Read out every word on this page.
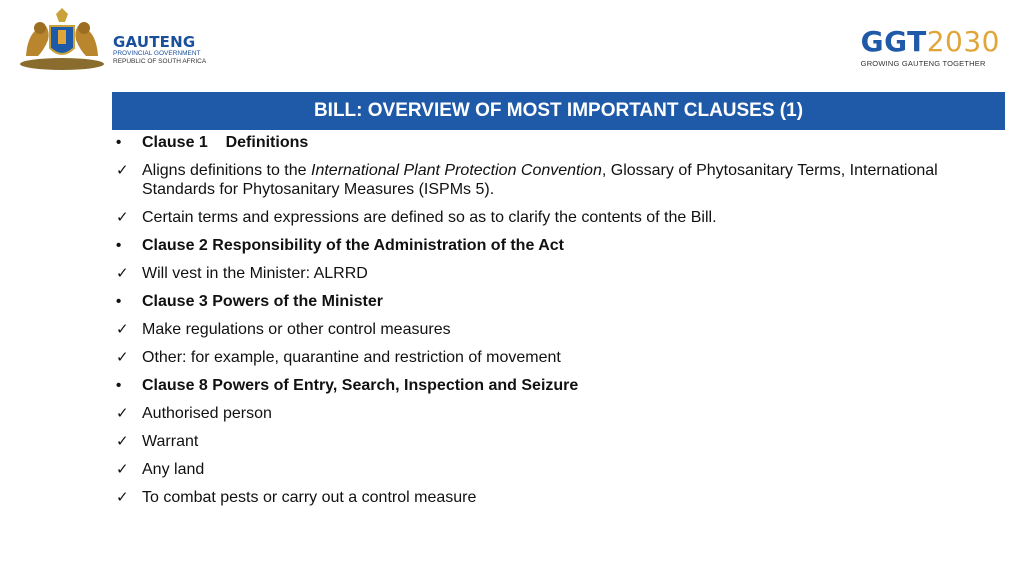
GAUTENG
PROVINCIAL GOVERNMENT
REPUBLIC OF SOUTH AFRICA
GGT2030
GROWING GAUTENG TOGETHER
BILL: OVERVIEW OF MOST IMPORTANT CLAUSES (1)
•	Clause 1    Definitions
✓ Aligns definitions to the International Plant Protection Convention, Glossary of Phytosanitary Terms, International Standards for Phytosanitary Measures (ISPMs 5).
✓ Certain terms and expressions are defined so as to clarify the contents of the Bill.
•	Clause 2 Responsibility of the Administration of the Act
✓ Will vest in the Minister: ALRRD
•	Clause 3 Powers of the Minister
✓ Make regulations or other control measures
✓ Other: for example, quarantine and restriction of movement
•	Clause 8 Powers of Entry, Search, Inspection and Seizure
✓ Authorised person
✓ Warrant
✓ Any land
✓ To combat pests or carry out a control measure
